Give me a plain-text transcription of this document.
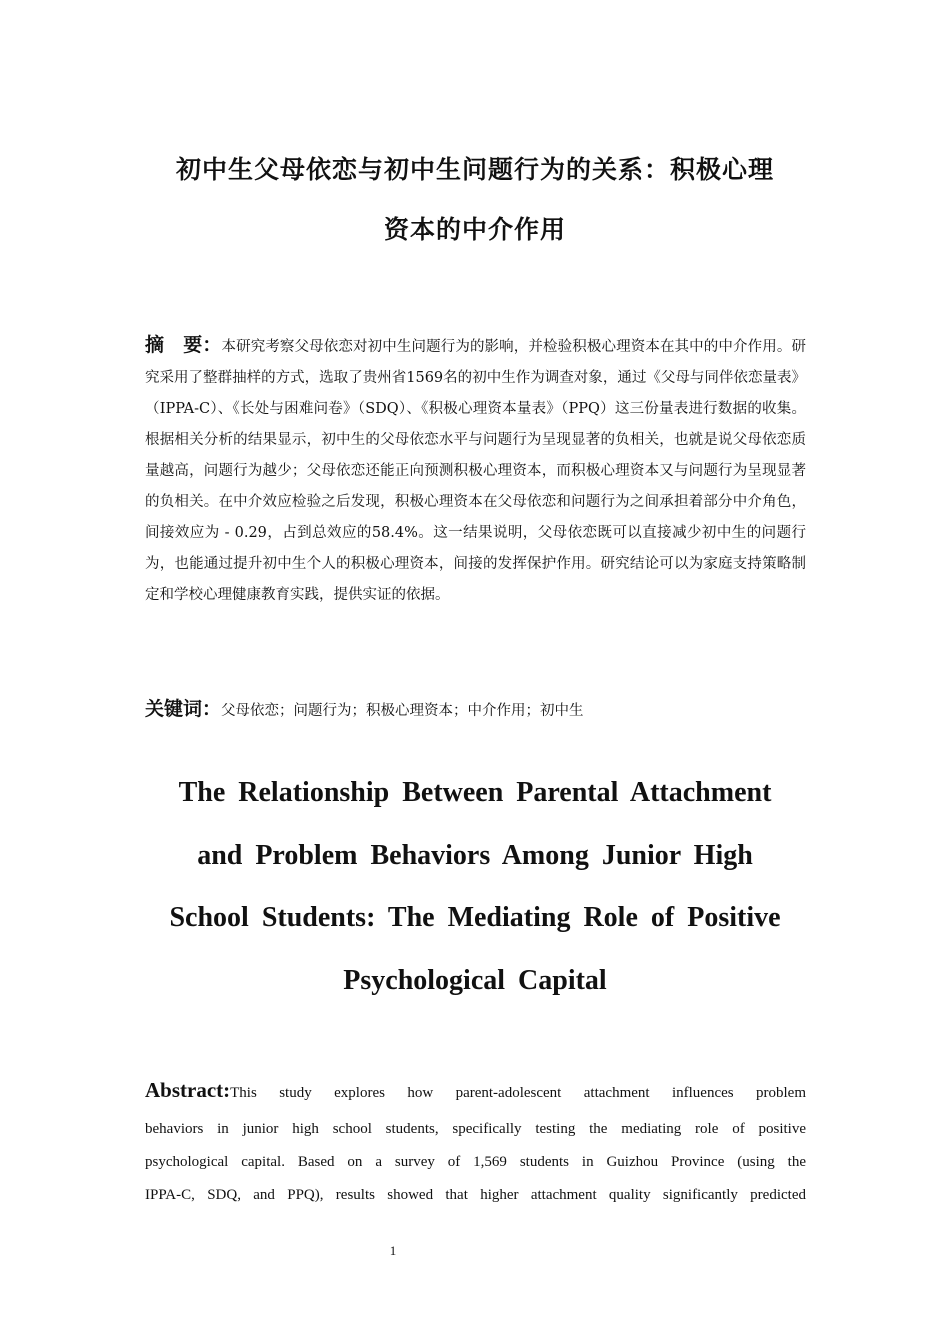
初中生父母依恋与初中生问题行为的关系：积极心理
资本的中介作用
摘　要：本研究考察父母依恋对初中生问题行为的影响，并检验积极心理资本在其中的中介作用。研究采用了整群抽样的方式，选取了贵州省1569名的初中生作为调查对象，通过《父母与同伴依恋量表》（IPPA-C）、《长处与困难问卷》（SDQ）、《积极心理资本量表》（PPQ）这三份量表进行数据的收集。根据相关分析的结果显示，初中生的父母依恋水平与问题行为呈现显著的负相关，也就是说父母依恋质量越高，问题行为越少；父母依恋还能正向预测积极心理资本，而积极心理资本又与问题行为呈现显著的负相关。在中介效应检验之后发现，积极心理资本在父母依恋和问题行为之间承担着部分中介角色，间接效应为 - 0.29，占到总效应的58.4%。这一结果说明，父母依恋既可以直接减少初中生的问题行为，也能通过提升初中生个人的积极心理资本，间接的发挥保护作用。研究结论可以为家庭支持策略制定和学校心理健康教育实践，提供实证的依据。
关键词：父母依恋；问题行为；积极心理资本；中介作用；初中生
The Relationship Between Parental Attachment
and Problem Behaviors Among Junior High
School Students: The Mediating Role of Positive
Psychological Capital
Abstract:This study explores how parent-adolescent attachment influences problem
behaviors in junior high school students, specifically testing the mediating role of positive
psychological capital. Based on a survey of 1,569 students in Guizhou Province (using the
IPPA-C, SDQ, and PPQ), results showed that higher attachment quality significantly predicted
1
